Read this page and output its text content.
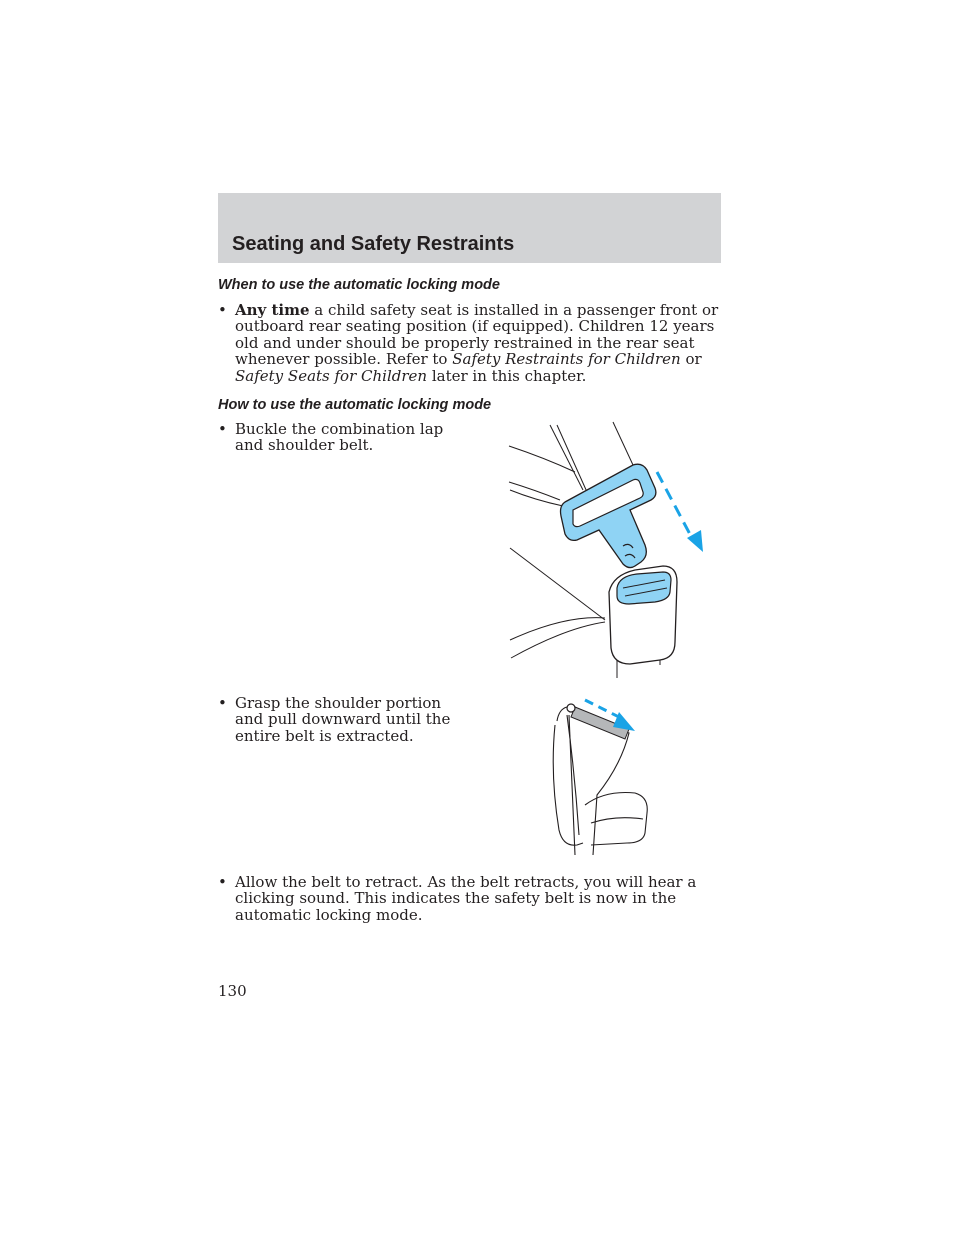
Seating and Safety Restraints
When to use the automatic locking mode
• Any time a child safety seat is installed in a passenger front or outboard rear seating position (if equipped). Children 12 years old and under should be properly restrained in the rear seat whenever possible. Refer to Safety Restraints for Children or Safety Seats for Children later in this chapter.
How to use the automatic locking mode
• Buckle the combination lap and shoulder belt.
• Grasp the shoulder portion and pull downward until the entire belt is extracted.
• Allow the belt to retract. As the belt retracts, you will hear a clicking sound. This indicates the safety belt is now in the automatic locking mode.
130
